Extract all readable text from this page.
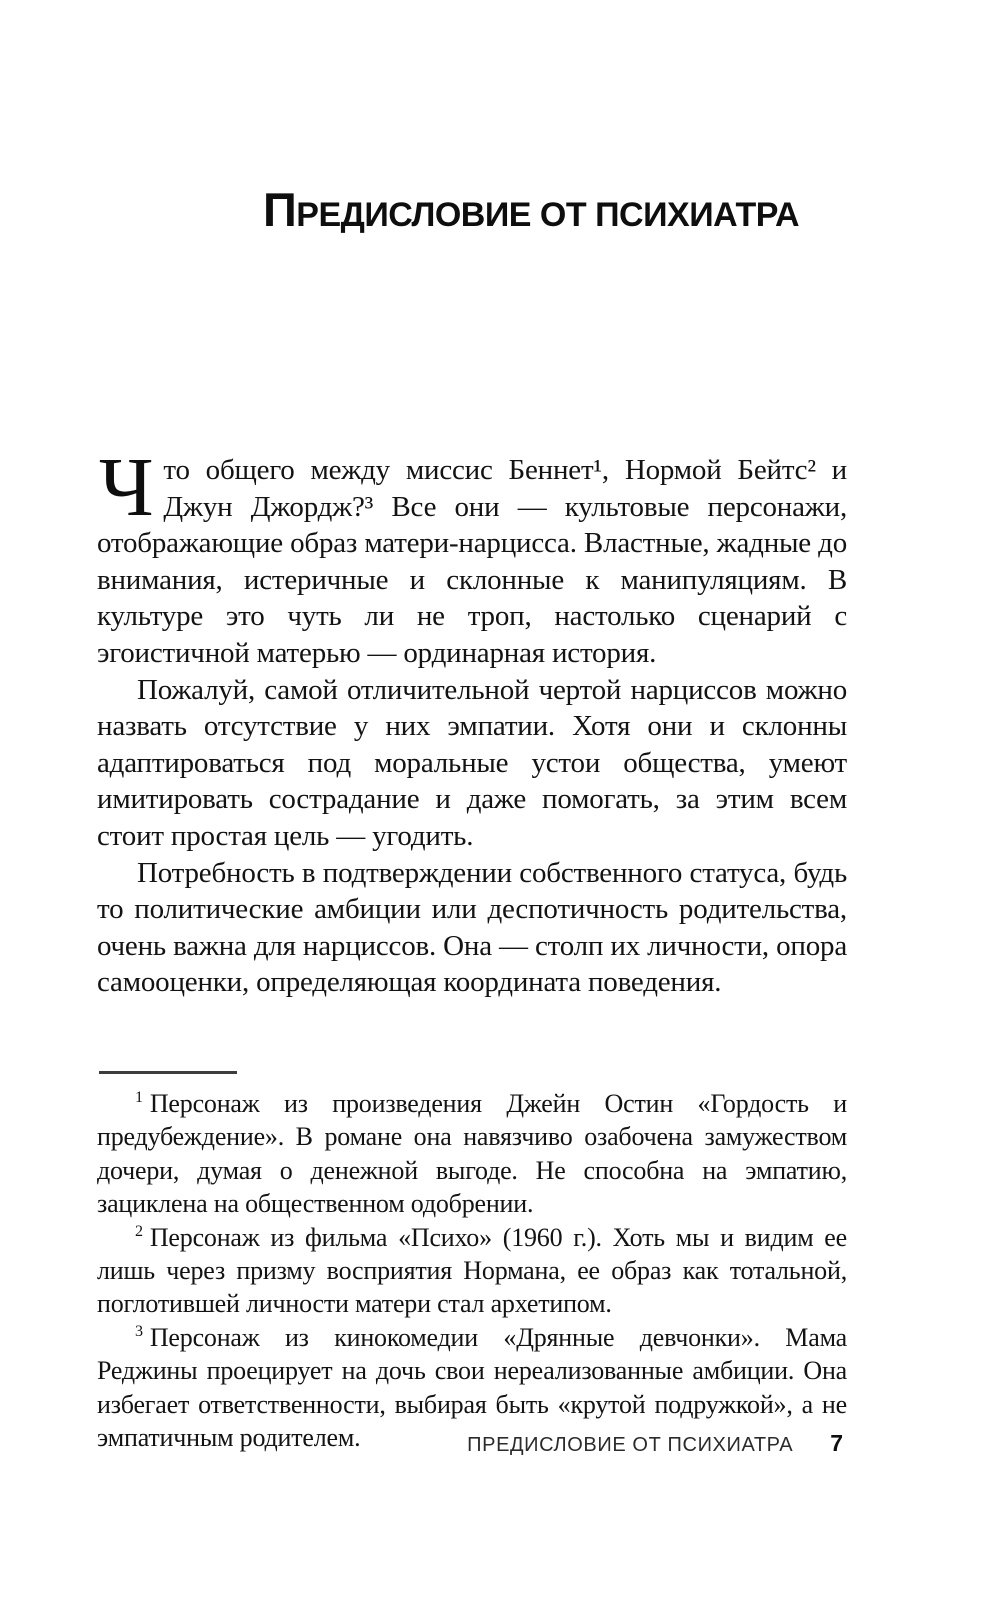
ПРЕДИСЛОВИЕ ОТ ПСИХИАТРА

Что общего между миссис Беннет¹, Нормой Бейтс² и Джун Джордж?³ Все они — культовые персонажи, отображающие образ матери-нарцисса. Властные, жадные до внимания, истеричные и склонные к манипуляциям. В культуре это чуть ли не троп, настолько сценарий с эгоистичной матерью — ординарная история.

Пожалуй, самой отличительной чертой нарциссов можно назвать отсутствие у них эмпатии. Хотя они и склонны адаптироваться под моральные устои общества, умеют имитировать сострадание и даже помогать, за этим всем стоит простая цель — угодить.

Потребность в подтверждении собственного статуса, будь то политические амбиции или деспотичность родительства, очень важна для нарциссов. Она — столп их личности, опора самооценки, определяющая координата поведения.

$^1$ Персонаж из произведения Джейн Остин «Гордость и предубеждение». В романе она навязчиво озабочена замужеством дочери, думая о денежной выгоде. Не способна на эмпатию, зациклена на общественном одобрении.

$^2$ Персонаж из фильма «Психо» (1960 г.). Хоть мы и видим ее лишь через призму восприятия Нормана, ее образ как тотальной, поглотившей личности матери стал архетипом.

$^3$ Персонаж из кинокомедии «Дрянные девчонки». Мама Реджины проецирует на дочь свои нереализованные амбиции. Она избегает ответственности, выбирая быть «крутой подружкой», а не эмпатичным родителем.	ПРЕДИСЛОВИЕ ОТ ПСИХИАТРА 7
